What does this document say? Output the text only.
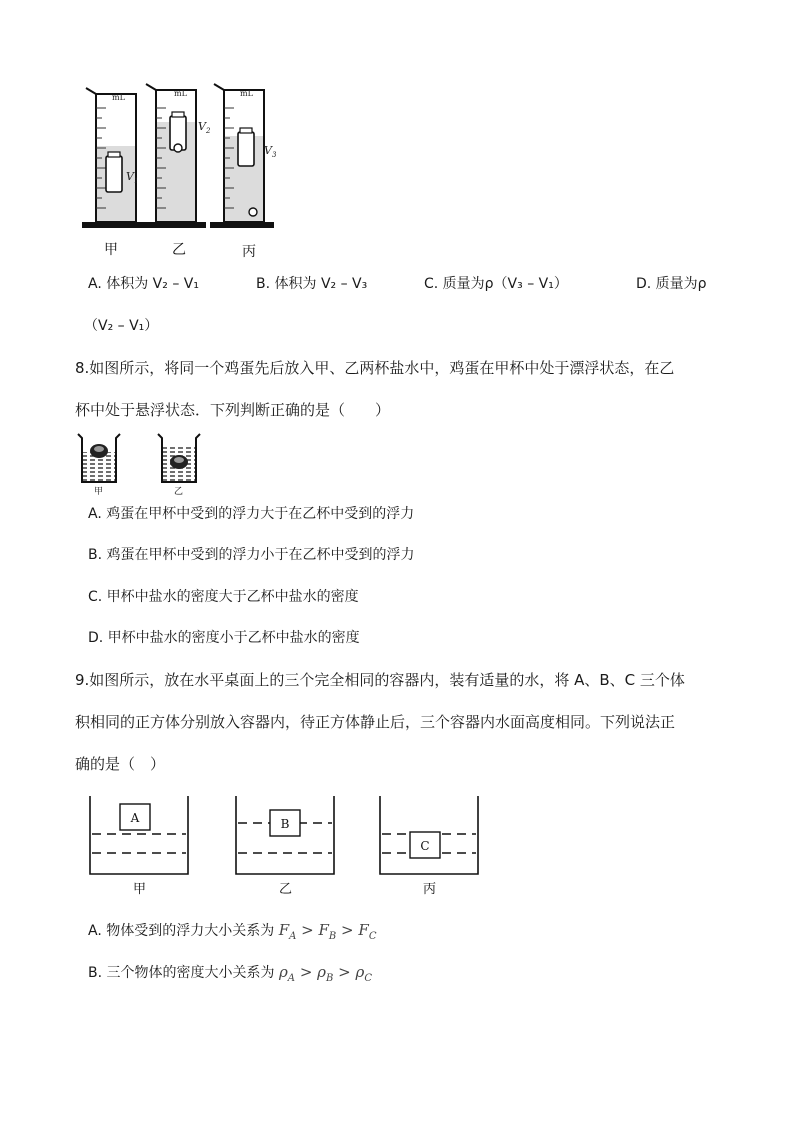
mL
$V_1$
mL
$V_2$
mL
$V_3$
甲	乙	丙
A. 体积为 V₂ – V₁	B. 体积为 V₂ – V₃	C. 质量为ρ（V₃ – V₁）	D. 质量为ρ
（V₂ – V₁）
8.如图所示，将同一个鸡蛋先后放入甲、乙两杯盐水中，鸡蛋在甲杯中处于漂浮状态，在乙
杯中处于悬浮状态．下列判断正确的是（　　）
甲	乙
A. 鸡蛋在甲杯中受到的浮力大于在乙杯中受到的浮力
B. 鸡蛋在甲杯中受到的浮力小于在乙杯中受到的浮力
C. 甲杯中盐水的密度大于乙杯中盐水的密度
D. 甲杯中盐水的密度小于乙杯中盐水的密度
9.如图所示，放在水平桌面上的三个完全相同的容器内，装有适量的水，将 A、B、C 三个体
积相同的正方体分别放入容器内，待正方体静止后，三个容器内水面高度相同。下列说法正
确的是（　）
A	B
C
甲	乙	丙
A. 物体受到的浮力大小关系为 $F_A > F_B > F_C$
B. 三个物体的密度大小关系为 $\rho_A > \rho_B > \rho_C$
